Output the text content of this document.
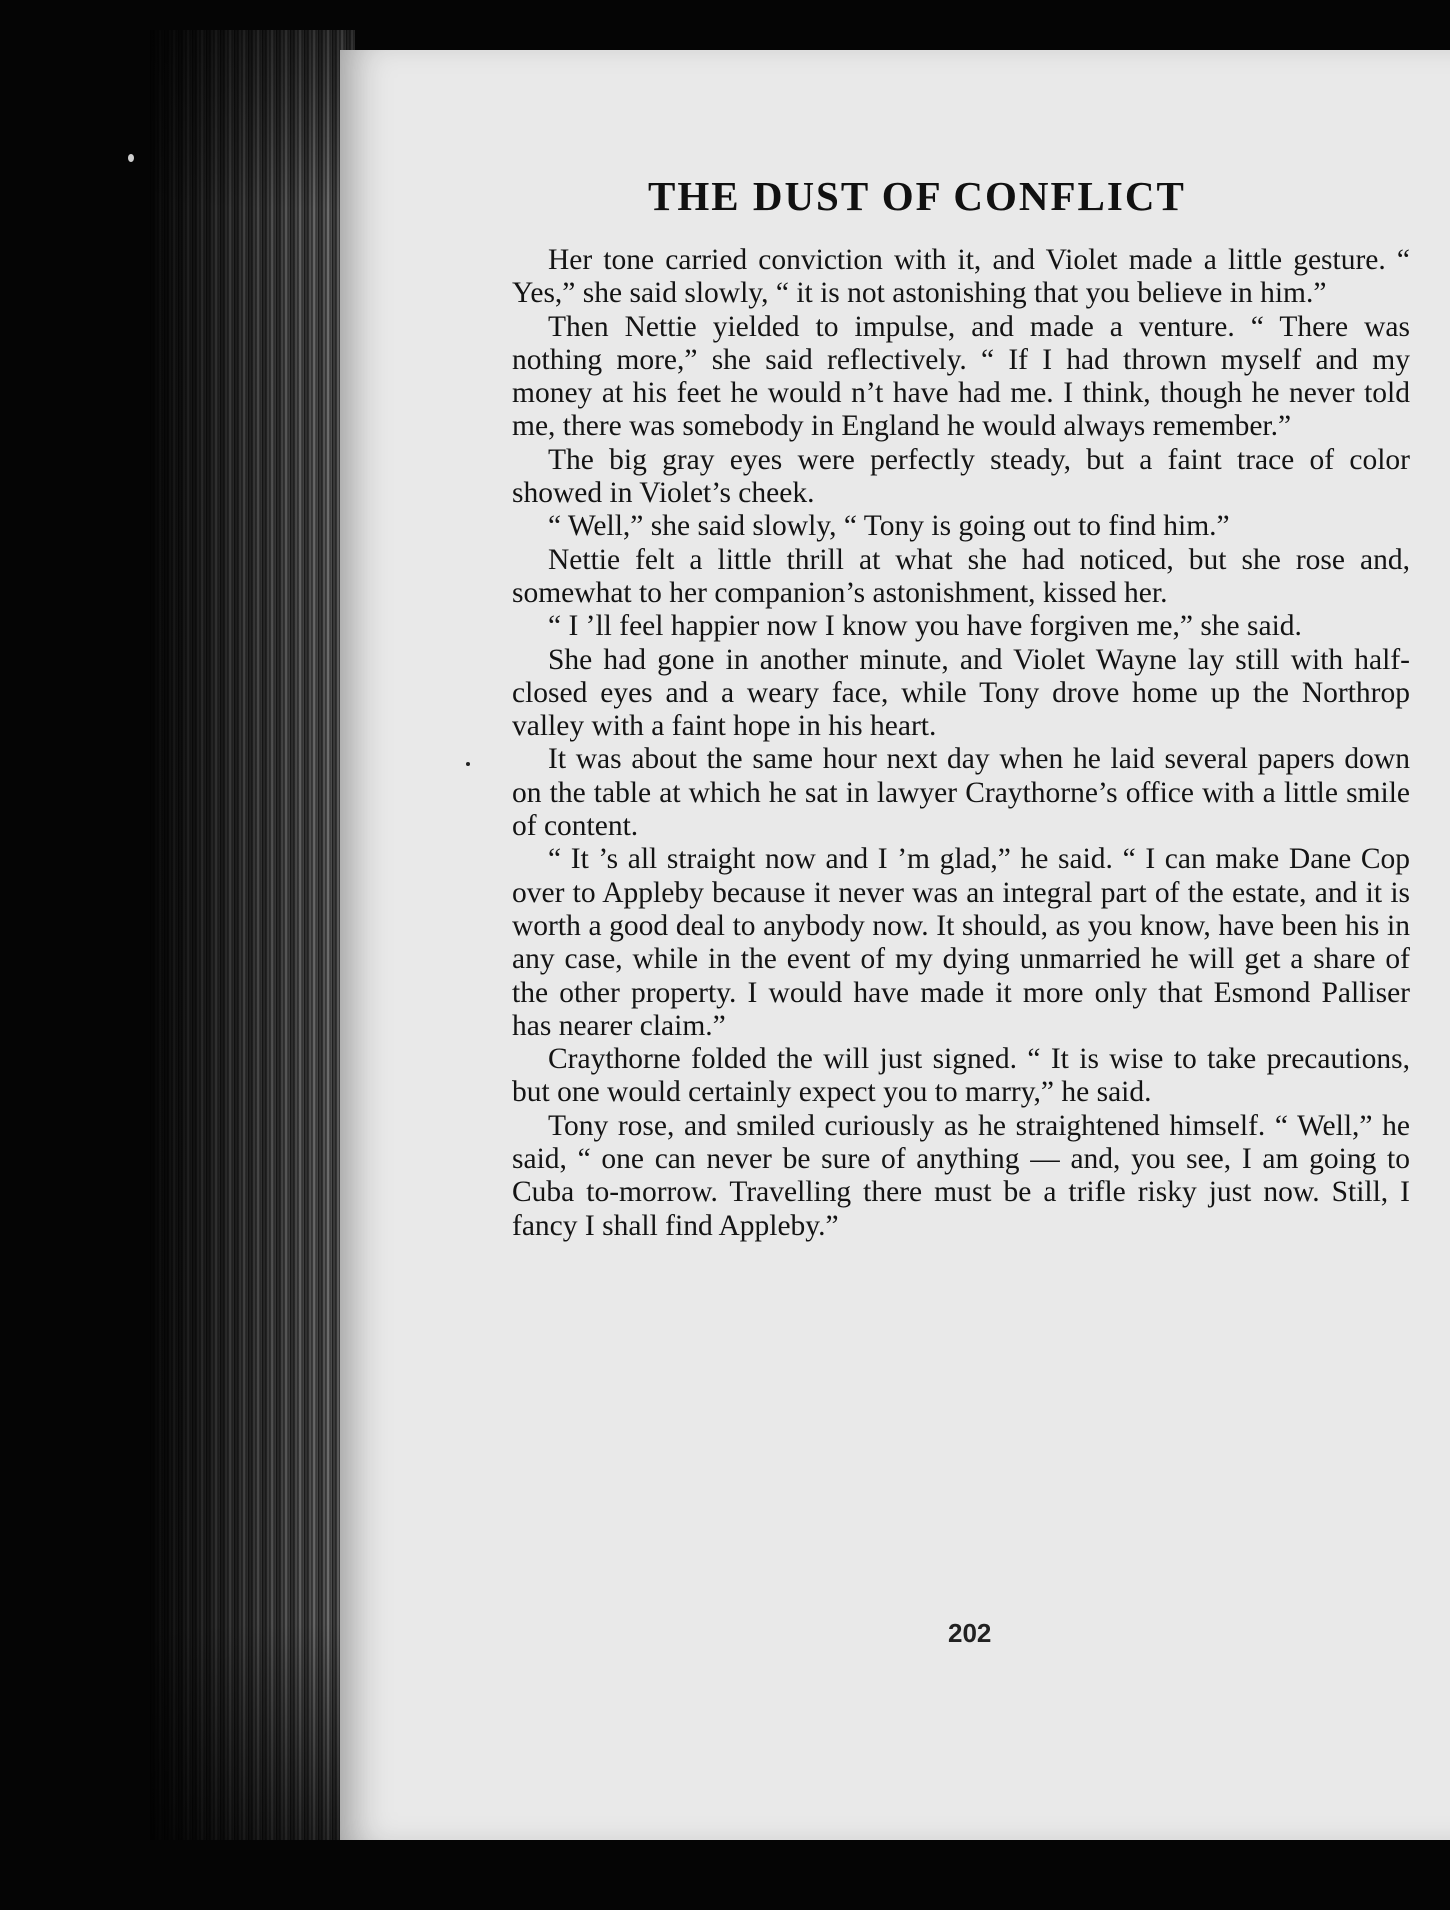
THE DUST OF CONFLICT

Her tone carried conviction with it, and Violet made a little gesture. “ Yes,” she said slowly, “ it is not astonishing that you believe in him.”

Then Nettie yielded to impulse, and made a venture. “ There was nothing more,” she said reflectively. “ If I had thrown myself and my money at his feet he would n’t have had me. I think, though he never told me, there was somebody in England he would always remember.”

The big gray eyes were perfectly steady, but a faint trace of color showed in Violet’s cheek.

“ Well,” she said slowly, “ Tony is going out to find him.”

Nettie felt a little thrill at what she had noticed, but she rose and, somewhat to her companion’s astonishment, kissed her.

“ I ’ll feel happier now I know you have forgiven me,” she said.

She had gone in another minute, and Violet Wayne lay still with half-closed eyes and a weary face, while Tony drove home up the Northrop valley with a faint hope in his heart.

It was about the same hour next day when he laid several papers down on the table at which he sat in lawyer Craythorne’s office with a little smile of content.

“ It ’s all straight now and I ’m glad,” he said. “ I can make Dane Cop over to Appleby because it never was an integral part of the estate, and it is worth a good deal to anybody now. It should, as you know, have been his in any case, while in the event of my dying unmarried he will get a share of the other property. I would have made it more only that Esmond Palliser has nearer claim.”

Craythorne folded the will just signed. “ It is wise to take precautions, but one would certainly expect you to marry,” he said.

Tony rose, and smiled curiously as he straightened himself. “ Well,” he said, “ one can never be sure of anything — and, you see, I am going to Cuba to-morrow. Travelling there must be a trifle risky just now. Still, I fancy I shall find Appleby.”

202
